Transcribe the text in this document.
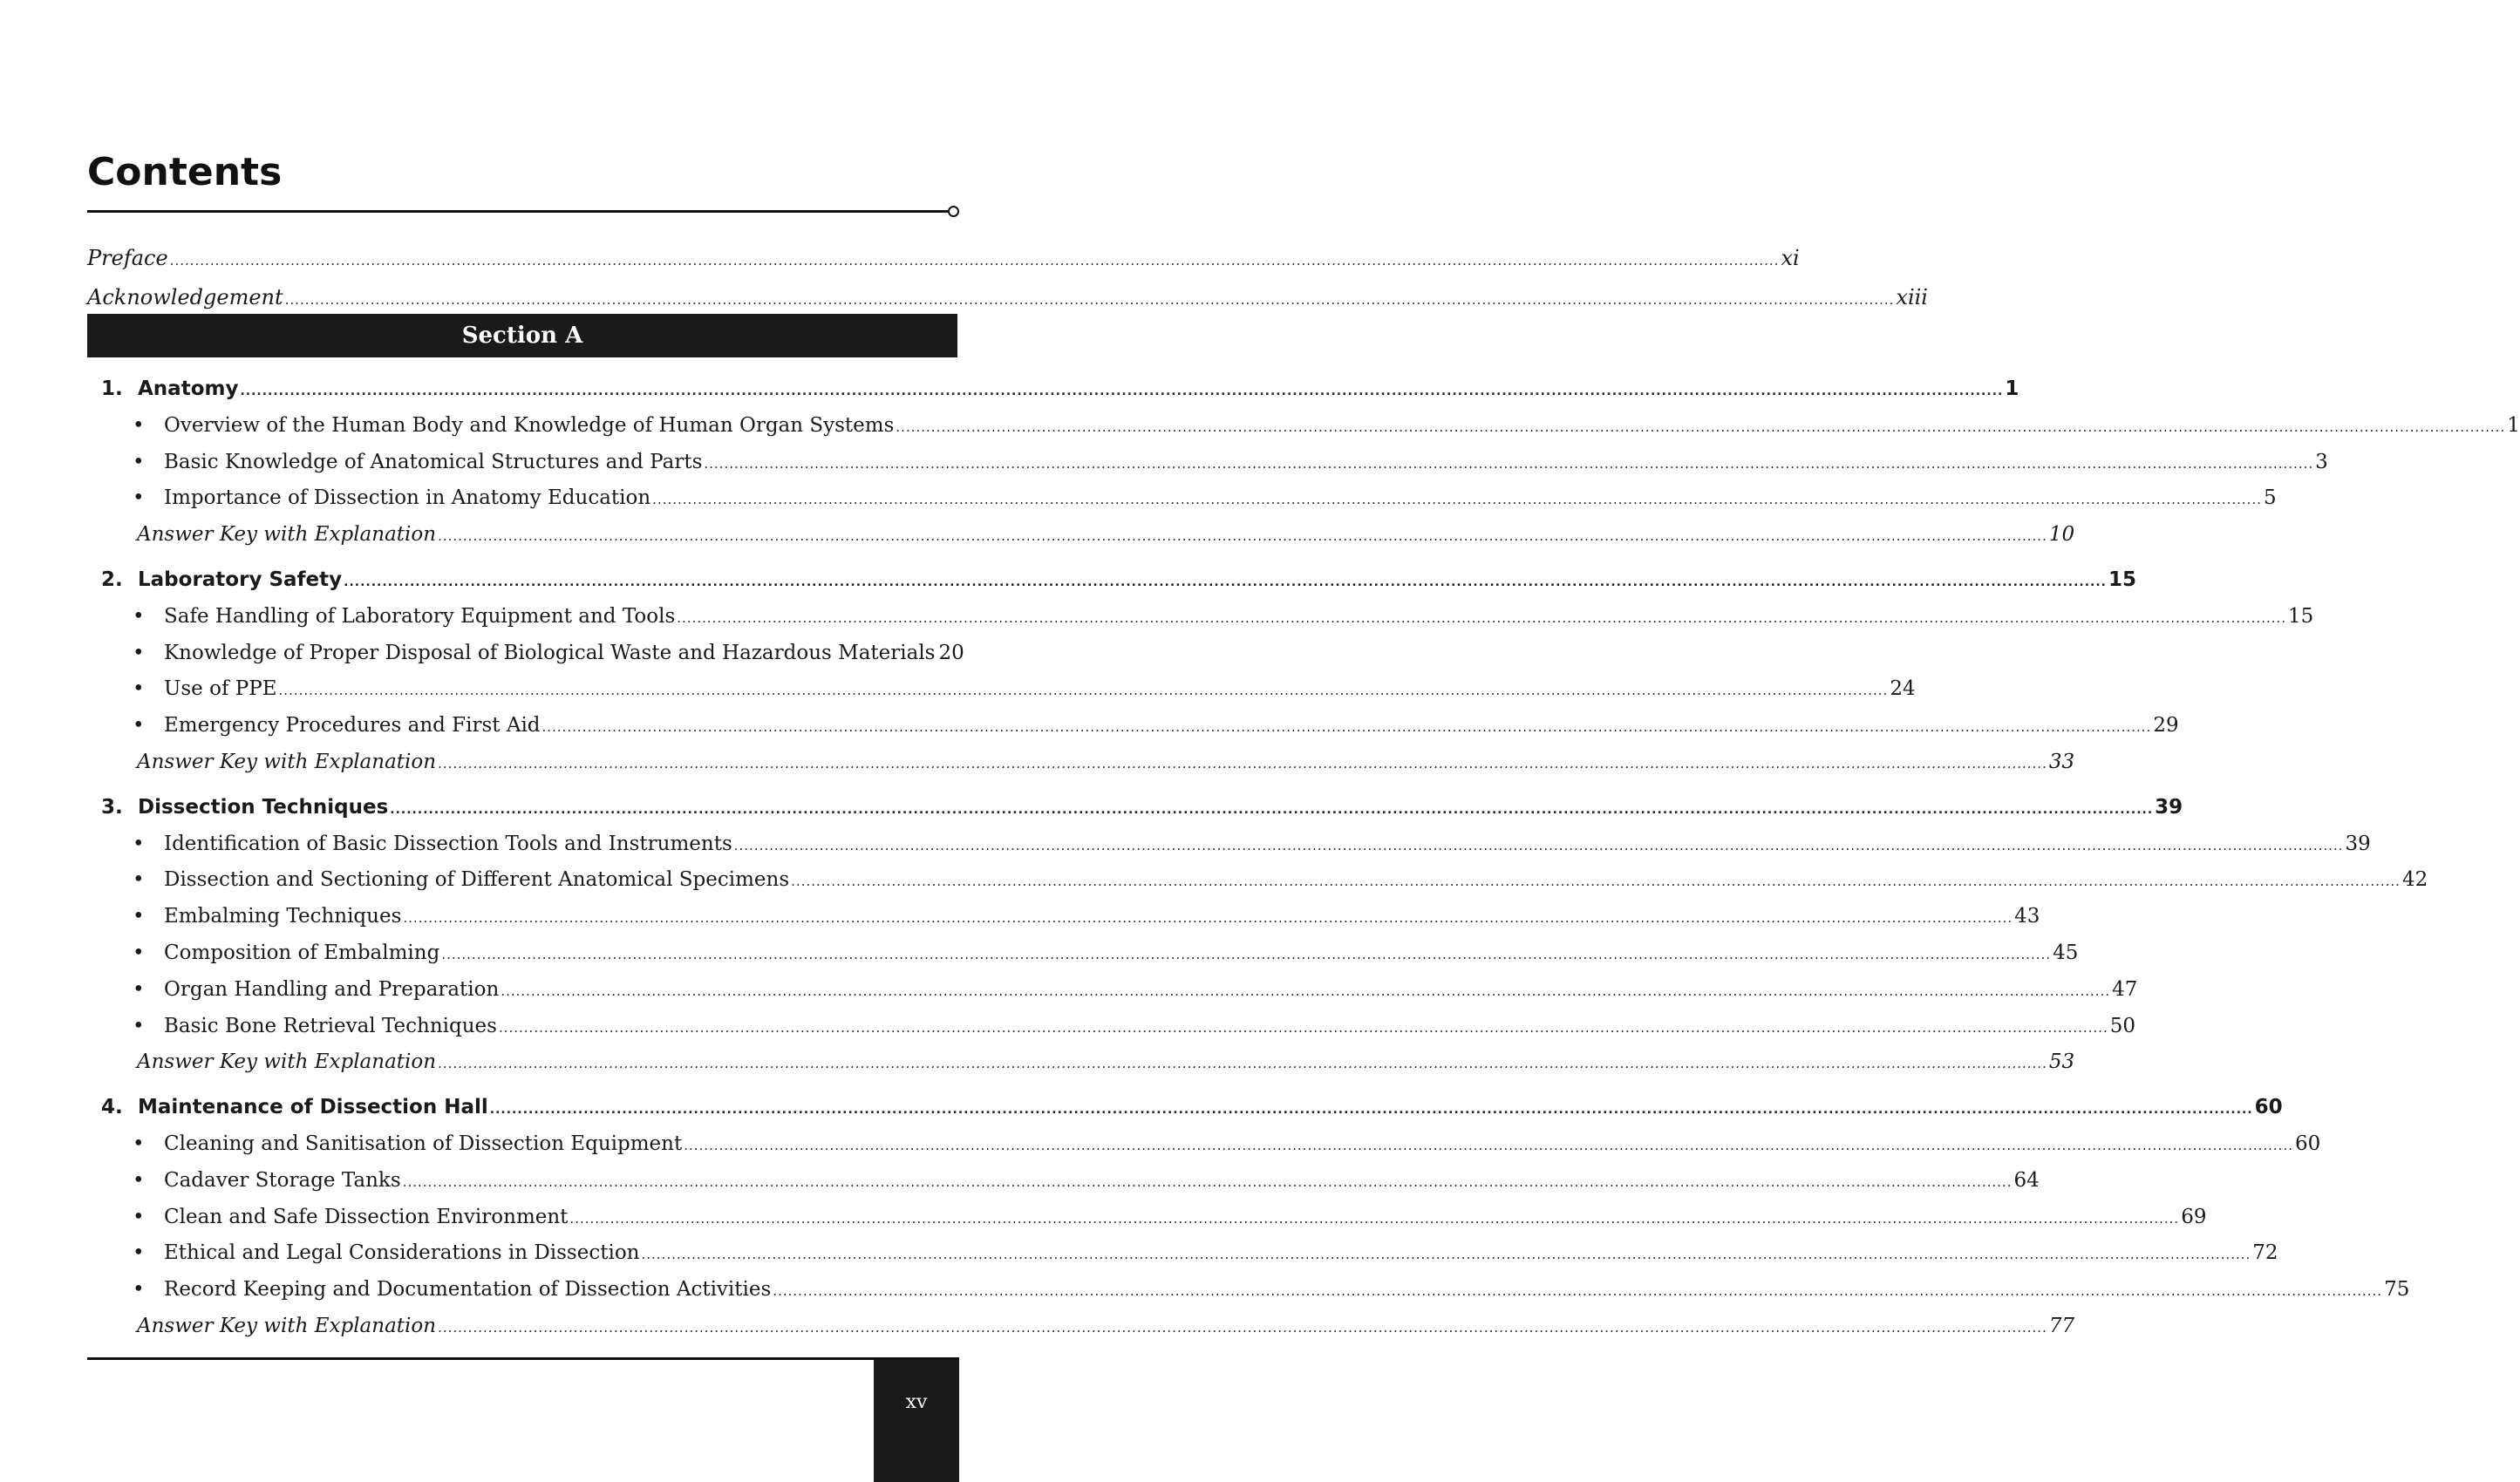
Contents
Preface .....	xi
Acknowledgement .....	xiii
Section A
1. Anatomy .....	1
• Overview of the Human Body and Knowledge of Human Organ Systems .....	1
• Basic Knowledge of Anatomical Structures and Parts .....	3
• Importance of Dissection in Anatomy Education .....	5
Answer Key with Explanation .....	10
2. Laboratory Safety .....	15
• Safe Handling of Laboratory Equipment and Tools .....	15
• Knowledge of Proper Disposal of Biological Waste and Hazardous Materials 20
• Use of PPE .....	24
• Emergency Procedures and First Aid .....	29
Answer Key with Explanation .....	33
3. Dissection Techniques .....	39
• Identification of Basic Dissection Tools and Instruments .....	39
• Dissection and Sectioning of Different Anatomical Specimens .....	42
• Embalming Techniques .....	43
• Composition of Embalming .....	45
• Organ Handling and Preparation .....	47
• Basic Bone Retrieval Techniques .....	50
Answer Key with Explanation .....	53
4. Maintenance of Dissection Hall .....	60
• Cleaning and Sanitisation of Dissection Equipment .....	60
• Cadaver Storage Tanks .....	64
• Clean and Safe Dissection Environment .....	69
• Ethical and Legal Considerations in Dissection .....	72
• Record Keeping and Documentation of Dissection Activities .....	75
Answer Key with Explanation .....	77
xv
